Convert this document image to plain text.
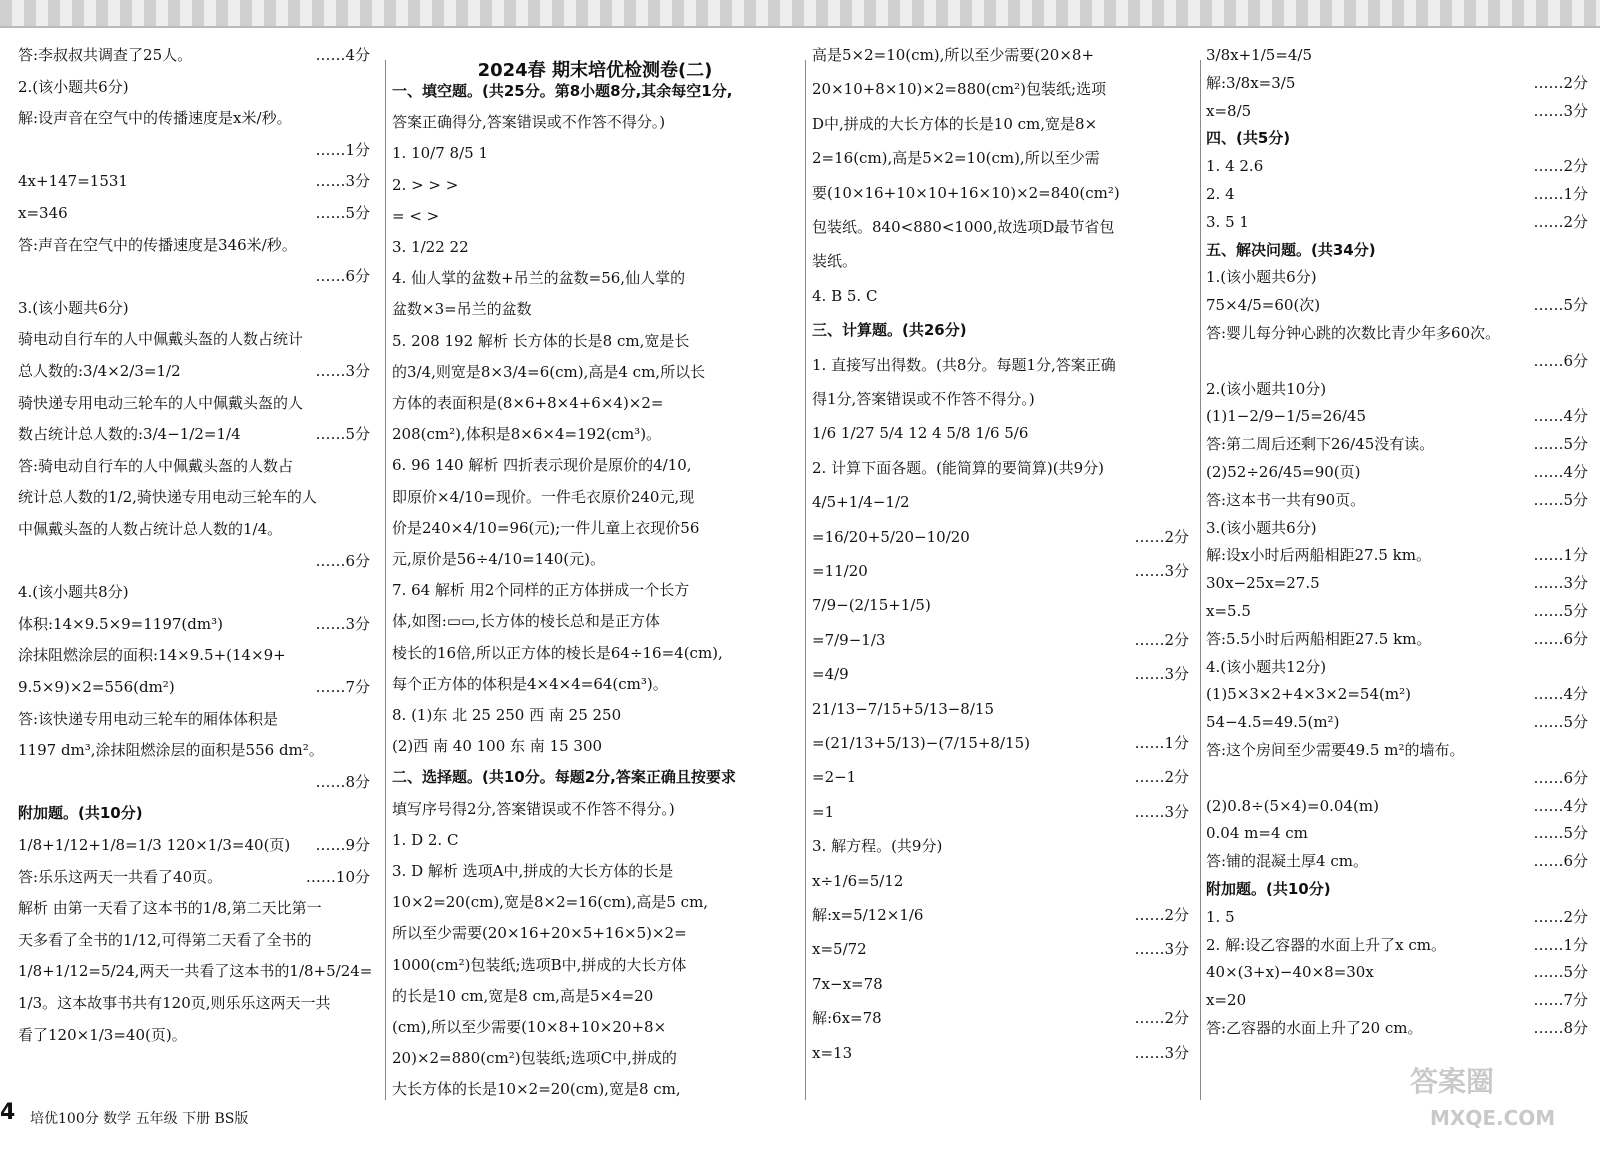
2024春 期末培优检测卷(二)
答:李叔叔共调查了25人。	……4分
2.(该小题共6分)
解:设声音在空气中的传播速度是x米/秒。
……1分
4x+147=1531	……3分
x=346	……5分
答:声音在空气中的传播速度是346米/秒。
……6分
3.(该小题共6分)
骑电动自行车的人中佩戴头盔的人数占统计
总人数的:3/4×2/3=1/2	……3分
骑快递专用电动三轮车的人中佩戴头盔的人
数占统计总人数的:3/4−1/2=1/4	……5分
答:骑电动自行车的人中佩戴头盔的人数占
统计总人数的1/2,骑快递专用电动三轮车的人
中佩戴头盔的人数占统计总人数的1/4。
……6分
4.(该小题共8分)
体积:14×9.5×9=1197(dm³)	……3分
涂抹阻燃涂层的面积:14×9.5+(14×9+
9.5×9)×2=556(dm²)	……7分
答:该快递专用电动三轮车的厢体体积是
1197 dm³,涂抹阻燃涂层的面积是556 dm²。
……8分
附加题。(共10分)
1/8+1/12+1/8=1/3 120×1/3=40(页) ……9分
答:乐乐这两天一共看了40页。	……10分
解析 由第一天看了这本书的1/8,第二天比第一
天多看了全书的1/12,可得第二天看了全书的
1/8+1/12=5/24,两天一共看了这本书的1/8+5/24=
1/3。这本故事书共有120页,则乐乐这两天一共
看了120×1/3=40(页)。
一、填空题。(共25分。第8小题8分,其余每空1分,
答案正确得分,答案错误或不作答不得分。)
1. 10/7 8/5 1
2. > > >
= < >
3. 1/22 22
4. 仙人掌的盆数+吊兰的盆数=56,仙人掌的
盆数×3=吊兰的盆数
5. 208 192 解析 长方体的长是8 cm,宽是长
的3/4,则宽是8×3/4=6(cm),高是4 cm,所以长
方体的表面积是(8×6+8×4+6×4)×2=
208(cm²),体积是8×6×4=192(cm³)。
6. 96 140 解析 四折表示现价是原价的4/10,
即原价×4/10=现价。一件毛衣原价240元,现
价是240×4/10=96(元);一件儿童上衣现价56
元,原价是56÷4/10=140(元)。
7. 64 解析 用2个同样的正方体拼成一个长方
体,如图:▭▭,长方体的棱长总和是正方体
棱长的16倍,所以正方体的棱长是64÷16=4(cm),
每个正方体的体积是4×4×4=64(cm³)。
8. (1)东 北 25 250 西 南 25 250
(2)西 南 40 100 东 南 15 300
二、选择题。(共10分。每题2分,答案正确且按要求
填写序号得2分,答案错误或不作答不得分。)
1. D 2. C
3. D 解析 选项A中,拼成的大长方体的长是
10×2=20(cm),宽是8×2=16(cm),高是5 cm,
所以至少需要(20×16+20×5+16×5)×2=
1000(cm²)包装纸;选项B中,拼成的大长方体
的长是10 cm,宽是8 cm,高是5×4=20
(cm),所以至少需要(10×8+10×20+8×
20)×2=880(cm²)包装纸;选项C中,拼成的
大长方体的长是10×2=20(cm),宽是8 cm,
高是5×2=10(cm),所以至少需要(20×8+
20×10+8×10)×2=880(cm²)包装纸;选项
D中,拼成的大长方体的长是10 cm,宽是8×
2=16(cm),高是5×2=10(cm),所以至少需
要(10×16+10×10+16×10)×2=840(cm²)
包装纸。840<880<1000,故选项D最节省包
装纸。
4. B 5. C
三、计算题。(共26分)
1. 直接写出得数。(共8分。每题1分,答案正确
得1分,答案错误或不作答不得分。)
1/6 1/27 5/4 12 4 5/8 1/6 5/6
2. 计算下面各题。(能简算的要简算)(共9分)
4/5+1/4−1/2
=16/20+5/20−10/20	……2分
=11/20	……3分
7/9−(2/15+1/5)
=7/9−1/3	……2分
=4/9	……3分
21/13−7/15+5/13−8/15
=(21/13+5/13)−(7/15+8/15)	……1分
=2−1	……2分
=1	……3分
3. 解方程。(共9分)
x÷1/6=5/12
解:x=5/12×1/6	……2分
x=5/72	……3分
7x−x=78
解:6x=78	……2分
x=13	……3分
3/8x+1/5=4/5
解:3/8x=3/5	……2分
x=8/5	……3分
四、(共5分)
1. 4 2.6	……2分
2. 4	……1分
3. 5 1	……2分
五、解决问题。(共34分)
1.(该小题共6分)
75×4/5=60(次)	……5分
答:婴儿每分钟心跳的次数比青少年多60次。
……6分
2.(该小题共10分)
(1)1−2/9−1/5=26/45	……4分
答:第二周后还剩下26/45没有读。	……5分
(2)52÷26/45=90(页)	……4分
答:这本书一共有90页。	……5分
3.(该小题共6分)
解:设x小时后两船相距27.5 km。	……1分
30x−25x=27.5	……3分
x=5.5	……5分
答:5.5小时后两船相距27.5 km。	……6分
4.(该小题共12分)
(1)5×3×2+4×3×2=54(m²)	……4分
54−4.5=49.5(m²)	……5分
答:这个房间至少需要49.5 m²的墙布。
……6分
(2)0.8÷(5×4)=0.04(m)	……4分
0.04 m=4 cm	……5分
答:铺的混凝土厚4 cm。	……6分
附加题。(共10分)
1. 5	……2分
2. 解:设乙容器的水面上升了x cm。	……1分
40×(3+x)−40×8=30x	……5分
x=20	……7分
答:乙容器的水面上升了20 cm。	……8分
4 培优100分 数学 五年级 下册 BS版
答案圈
MXQE.COM
